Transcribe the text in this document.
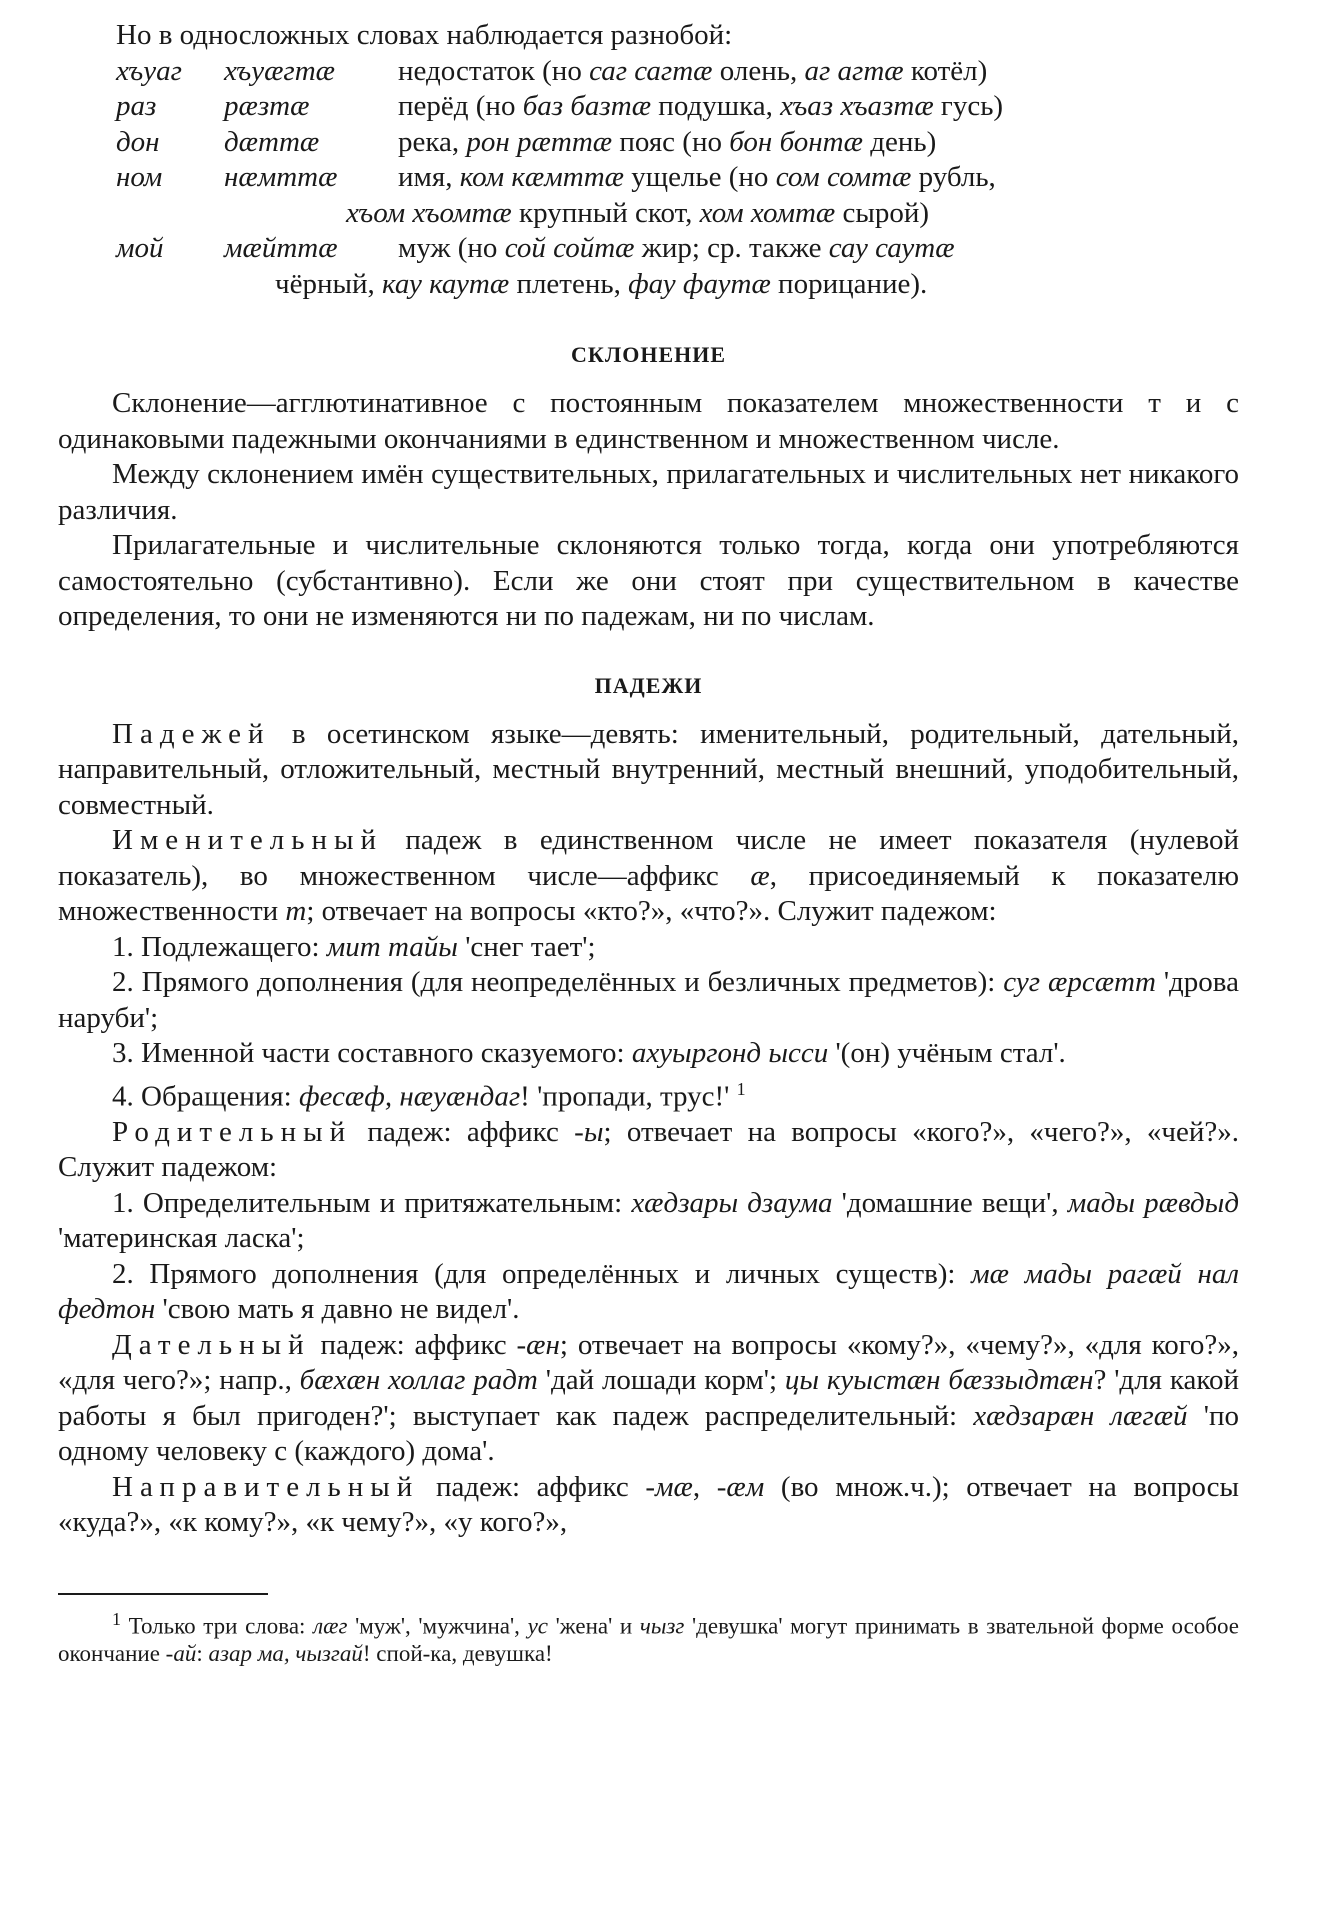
Но в односложных словах наблюдается разнобой:

хъуаг	хъуæгтæ	недостаток (но саг сагтæ олень, аг агтæ котёл)
раз	рæзтæ	перёд (но баз базтæ подушка, хъаз хъазтæ гусь)
дон	дæттæ	река, рон рæттæ пояс (но бон бонтæ день)
ном	нæмттæ	имя, ком кæмттæ ущелье (но сом сомтæ рубль,
хъом хъомтæ крупный скот, хом хомтæ сырой)
мой	мæйттæ	муж (но сой сойтæ жир; ср. также сау саутæ
чёрный, кау каутæ плетень, фау фаутæ порицание).
СКЛОНЕНИЕ

Склонение—агглютинативное с постоянным показателем множественности т и с одинаковыми падежными окончаниями в единственном и множественном числе.

Между склонением имён существительных, прилагательных и числительных нет никакого различия.

Прилагательные и числительные склоняются только тогда, когда они употребляются самостоятельно (субстантивно). Если же они стоят при существительном в качестве определения, то они не изменяются ни по падежам, ни по числам.

ПАДЕЖИ

Падежей в осетинском языке—девять: именительный, родительный, дательный, направительный, отложительный, местный внутренний, местный внешний, уподобительный, совместный.

Именительный падеж в единственном числе не имеет показателя (нулевой показатель), во множественном числе—аффикс æ, присоединяемый к показателю множественности т; отвечает на вопросы «кто?», «что?». Служит падежом:

1. Подлежащего: мит тайы 'снег тает';

2. Прямого дополнения (для неопределённых и безличных предметов): суг æрсæтт 'дрова наруби';

3. Именной части составного сказуемого: ахуыргонд ысси '(он) учёным стал'.

4. Обращения: фесæф, нæуæндаг! 'пропади, трус!' $^1$

Родительный падеж: аффикс -ы; отвечает на вопросы «кого?», «чего?», «чей?». Служит падежом:

1. Определительным и притяжательным: хæдзары дзаума 'домашние вещи', мады рæвдыд 'материнская ласка';

2. Прямого дополнения (для определённых и личных существ): мæ мады рагæй нал федтон 'свою мать я давно не видел'.

Дательный падеж: аффикс -æн; отвечает на вопросы «кому?», «чему?», «для кого?», «для чего?»; напр., бæхæн холлаг радт 'дай лошади корм'; цы куыстæн бæззыдтæн? 'для какой работы я был пригоден?'; выступает как падеж распределительный: хæдзарæн лæгæй 'по одному человеку с (каждого) дома'.

Направительный падеж: аффикс -мæ, -æм (во множ.ч.); отвечает на вопросы «куда?», «к кому?», «к чему?», «у кого?»,

$^1$ Только три слова: лæг 'муж', 'мужчина', ус 'жена' и чызг 'девушка' могут принимать в звательной форме особое окончание -ай: азар ма, чызгай! спой-ка, девушка!
